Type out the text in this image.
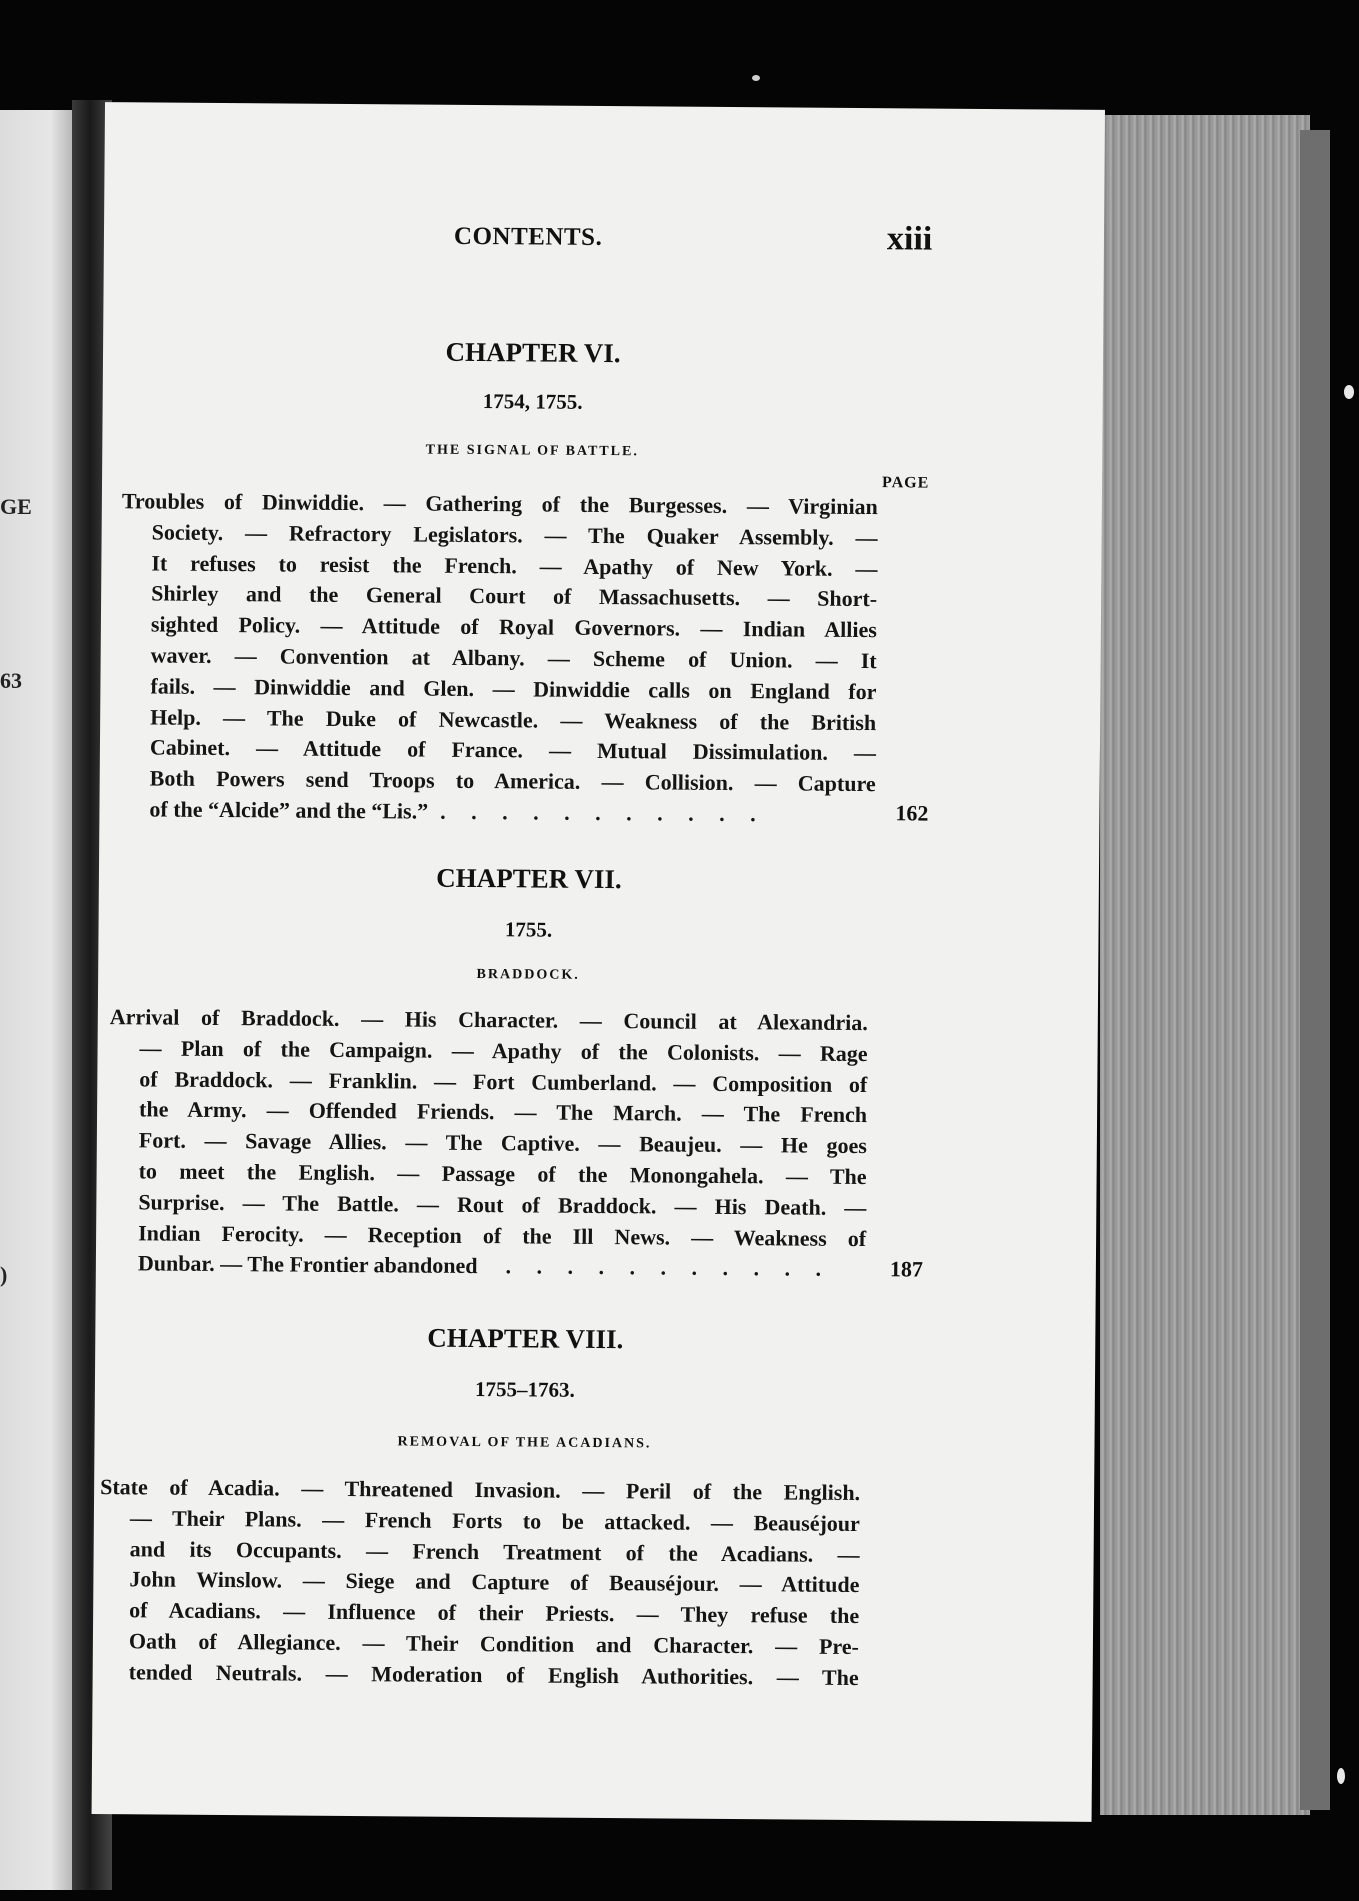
GE
63
)
CONTENTS.	xiii
CHAPTER VI.
1754, 1755.
THE SIGNAL OF BATTLE.
PAGE
Troubles of Dinwiddie. — Gathering of the Burgesses. — Virginian
Society. — Refractory Legislators. — The Quaker Assembly. —
It refuses to resist the French. — Apathy of New York. —
Shirley and the General Court of Massachusetts. — Short-
sighted Policy. — Attitude of Royal Governors. — Indian Allies
waver. — Convention at Albany. — Scheme of Union. — It
fails. — Dinwiddie and Glen. — Dinwiddie calls on England for
Help. — The Duke of Newcastle. — Weakness of the British
Cabinet. — Attitude of France. — Mutual Dissimulation. —
Both Powers send Troops to America. — Collision. — Capture
of the “Alcide” and the “Lis.” . . . . . . . . . . .	162
CHAPTER VII.
1755.
BRADDOCK.
Arrival of Braddock. — His Character. — Council at Alexandria.
— Plan of the Campaign. — Apathy of the Colonists. — Rage
of Braddock. — Franklin. — Fort Cumberland. — Composition of
the Army. — Offended Friends. — The March. — The French
Fort. — Savage Allies. — The Captive. — Beaujeu. — He goes
to meet the English. — Passage of the Monongahela. — The
Surprise. — The Battle. — Rout of Braddock. — His Death. —
Indian Ferocity. — Reception of the Ill News. — Weakness of
Dunbar. — The Frontier abandoned . . . . . . . . . . .	187
CHAPTER VIII.
1755–1763.
REMOVAL OF THE ACADIANS.
State of Acadia. — Threatened Invasion. — Peril of the English.
— Their Plans. — French Forts to be attacked. — Beauséjour
and its Occupants. — French Treatment of the Acadians. —
John Winslow. — Siege and Capture of Beauséjour. — Attitude
of Acadians. — Influence of their Priests. — They refuse the
Oath of Allegiance. — Their Condition and Character. — Pre-
tended Neutrals. — Moderation of English Authorities. — The
